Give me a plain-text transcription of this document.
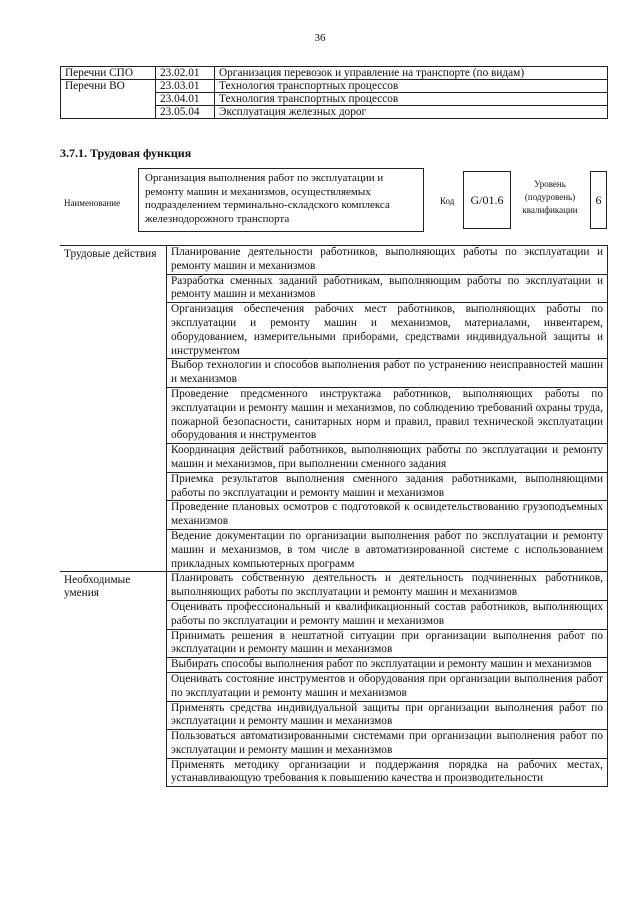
36
Перечни СПО	23.02.01	Организация перевозок и управление на транспорте (по видам)
Перечни ВО	23.03.01	Технология транспортных процессов
	23.04.01	Технология транспортных процессов
	23.05.04	Эксплуатация железных дорог
3.7.1. Трудовая функция
Наименование
Организация выполнения работ по эксплуатации и ремонту машин и механизмов, осуществляемых подразделением терминально-складского комплекса железнодорожного транспорта
Код	G/01.6
Уровень (подуровень) квалификации
6
Трудовые действия	Планирование деятельности работников, выполняющих работы по эксплуатации и ремонту машин и механизмов
	Разработка сменных заданий работникам, выполняющим работы по эксплуатации и ремонту машин и механизмов
	Организация обеспечения рабочих мест работников, выполняющих работы по эксплуатации и ремонту машин и механизмов, материалами, инвентарем, оборудованием, измерительными приборами, средствами индивидуальной защиты и инструментом
	Выбор технологии и способов выполнения работ по устранению неисправностей машин и механизмов
	Проведение предсменного инструктажа работников, выполняющих работы по эксплуатации и ремонту машин и механизмов, по соблюдению требований охраны труда, пожарной безопасности, санитарных норм и правил, правил технической эксплуатации оборудования и инструментов
	Координация действий работников, выполняющих работы по эксплуатации и ремонту машин и механизмов, при выполнении сменного задания
	Приемка результатов выполнения сменного задания работниками, выполняющими работы по эксплуатации и ремонту машин и механизмов
	Проведение плановых осмотров с подготовкой к освидетельствованию грузоподъемных механизмов
	Ведение документации по организации выполнения работ по эксплуатации и ремонту машин и механизмов, в том числе в автоматизированной системе с использованием прикладных компьютерных программ
Необходимые умения	Планировать собственную деятельность и деятельность подчиненных работников, выполняющих работы по эксплуатации и ремонту машин и механизмов
	Оценивать профессиональный и квалификационный состав работников, выполняющих работы по эксплуатации и ремонту машин и механизмов
	Принимать решения в нештатной ситуации при организации выполнения работ по эксплуатации и ремонту машин и механизмов
	Выбирать способы выполнения работ по эксплуатации и ремонту машин и механизмов
	Оценивать состояние инструментов и оборудования при организации выполнения работ по эксплуатации и ремонту машин и механизмов
	Применять средства индивидуальной защиты при организации выполнения работ по эксплуатации и ремонту машин и механизмов
	Пользоваться автоматизированными системами при организации выполнения работ по эксплуатации и ремонту машин и механизмов
	Применять методику организации и поддержания порядка на рабочих местах, устанавливающую требования к повышению качества и производительности
